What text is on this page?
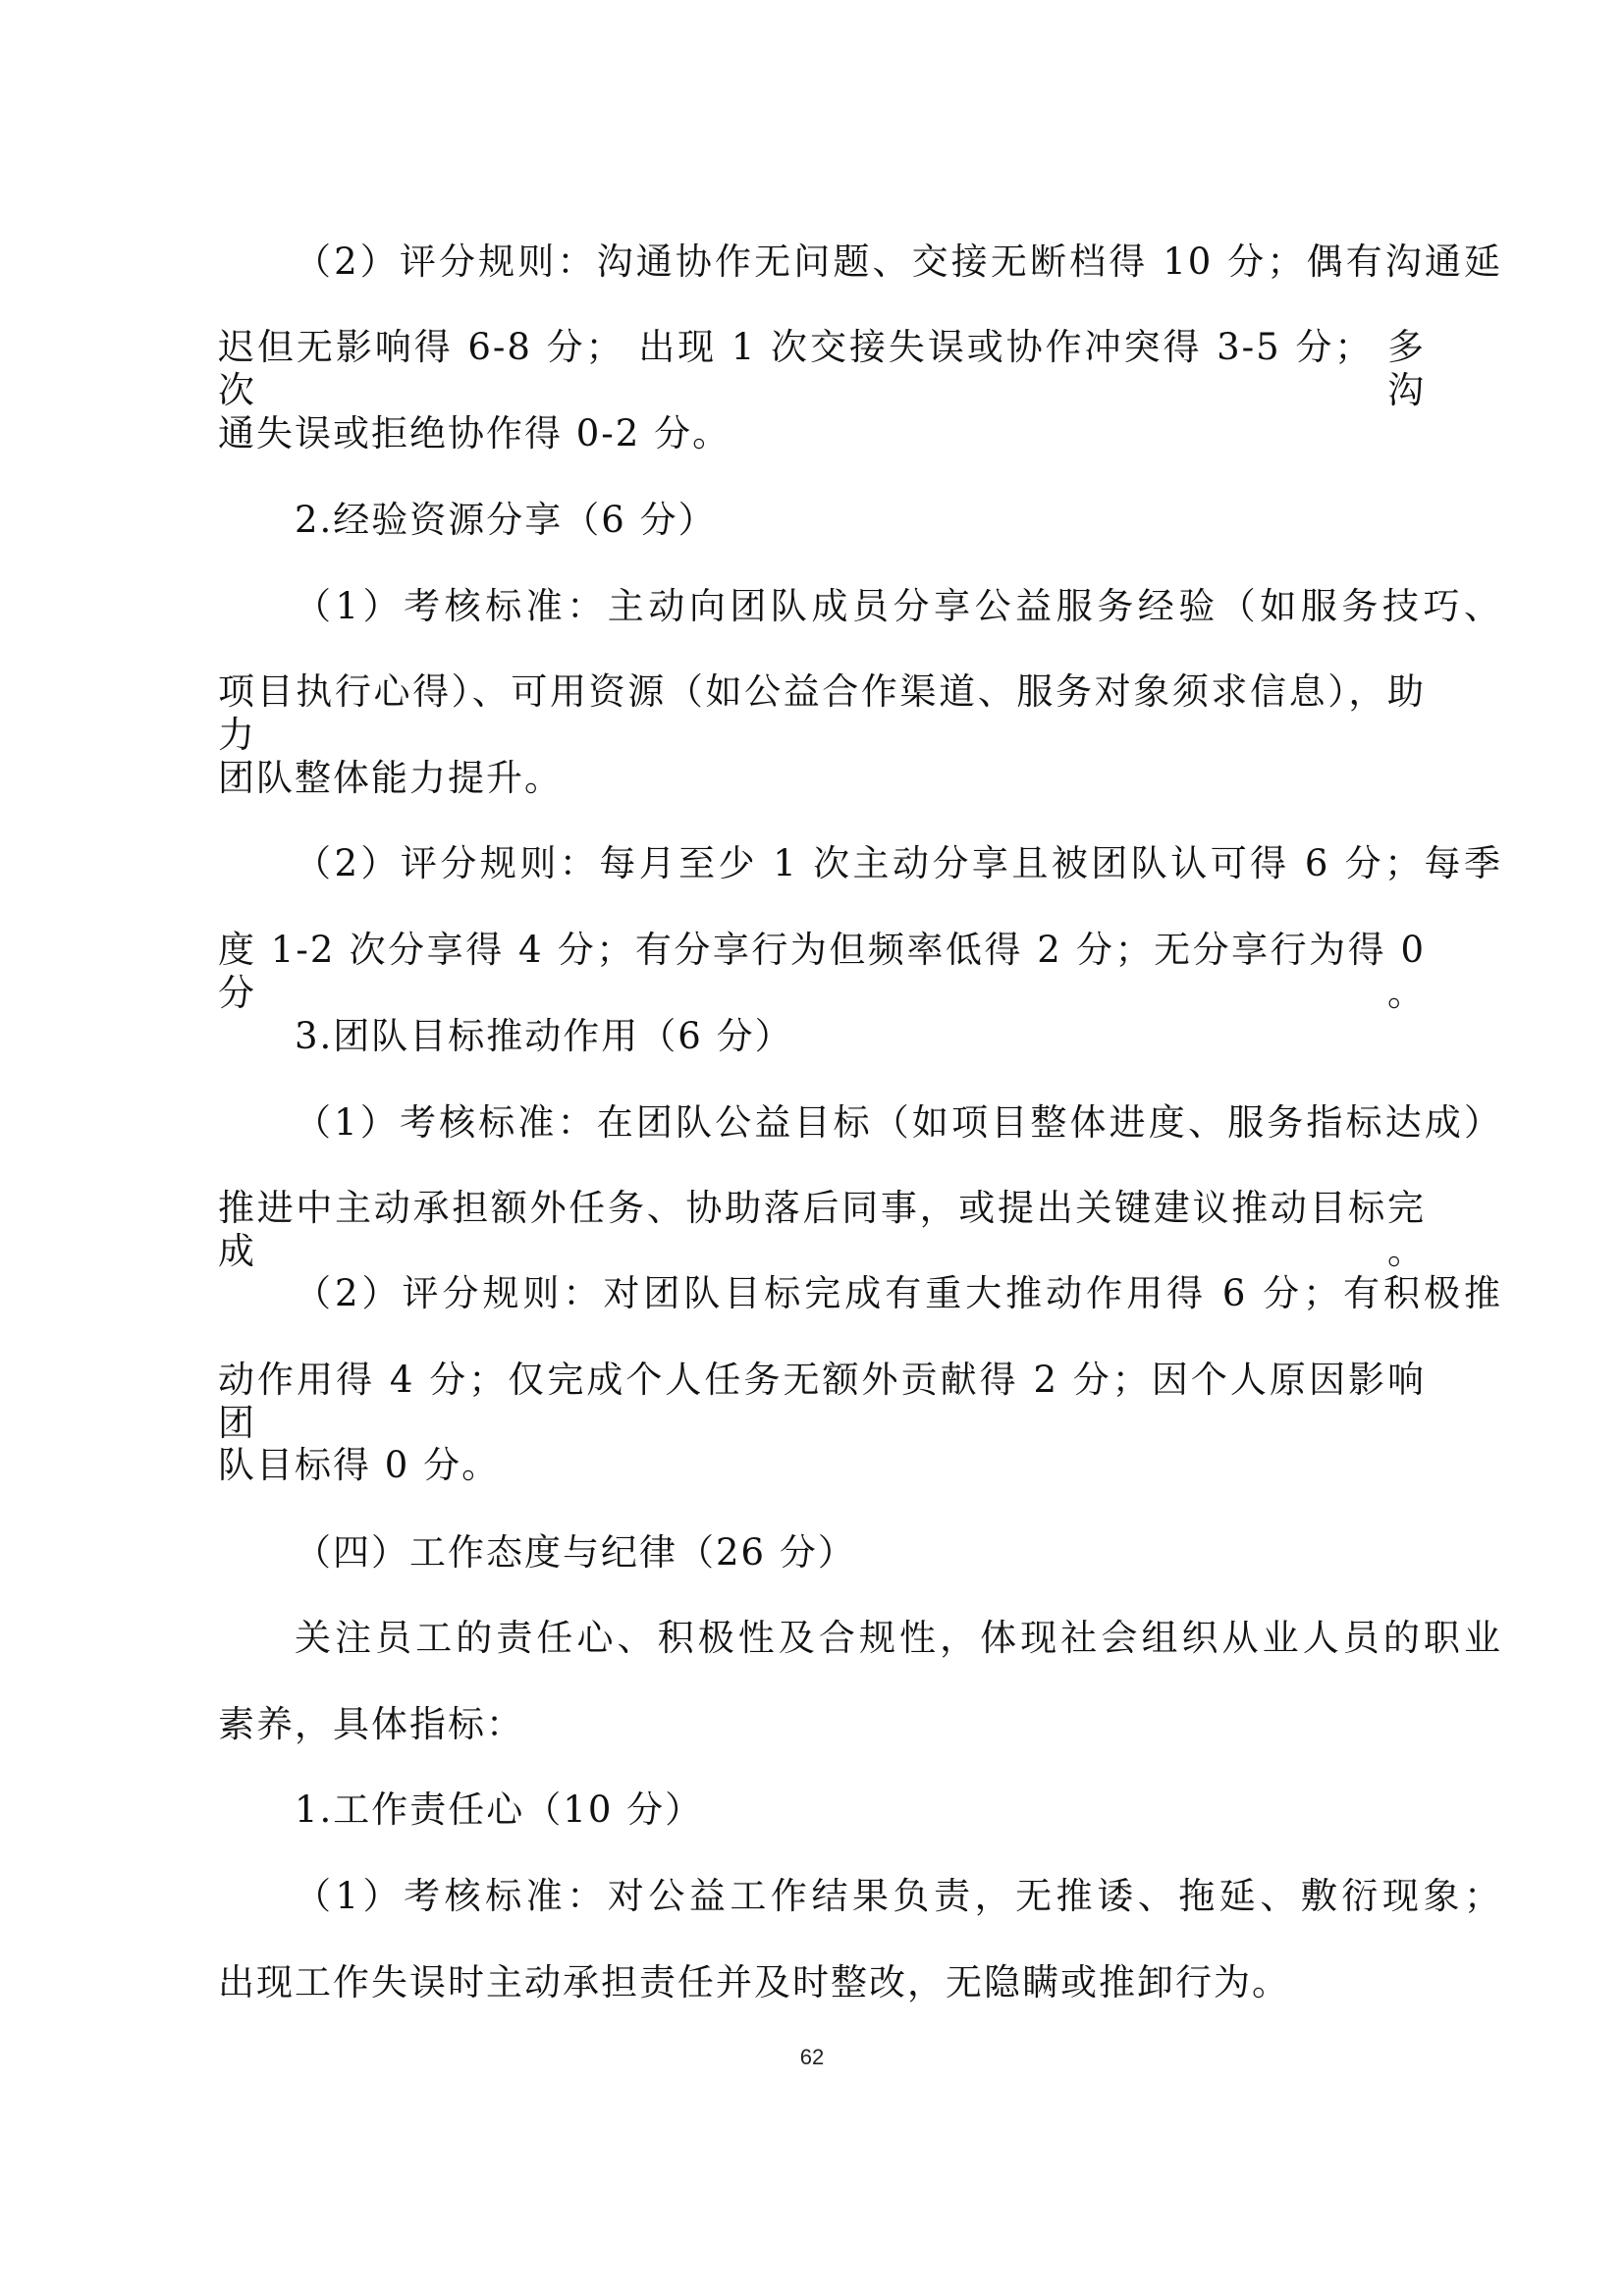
（2）评分规则：沟通协作无问题、交接无断档得 10 分；偶有沟通延
迟但无影响得 6-8 分； 出现 1 次交接失误或协作冲突得 3-5 分； 多次沟
通失误或拒绝协作得 0-2 分。
2.经验资源分享（6 分）
（1）考核标准：主动向团队成员分享公益服务经验（如服务技巧、
项目执行心得）、可用资源（如公益合作渠道、服务对象须求信息），助力
团队整体能力提升。
（2）评分规则：每月至少 1 次主动分享且被团队认可得 6 分；每季
度 1-2 次分享得 4 分；有分享行为但频率低得 2 分；无分享行为得 0 分。
3.团队目标推动作用（6 分）
（1）考核标准：在团队公益目标（如项目整体进度、服务指标达成）
推进中主动承担额外任务、协助落后同事，或提出关键建议推动目标完成。
（2）评分规则：对团队目标完成有重大推动作用得 6 分；有积极推
动作用得 4 分；仅完成个人任务无额外贡献得 2 分；因个人原因影响团
队目标得 0 分。
（四）工作态度与纪律（26 分）
关注员工的责任心、积极性及合规性，体现社会组织从业人员的职业
素养，具体指标：
1.工作责任心（10 分）
（1）考核标准：对公益工作结果负责，无推诿、拖延、敷衍现象；
出现工作失误时主动承担责任并及时整改，无隐瞒或推卸行为。
62
